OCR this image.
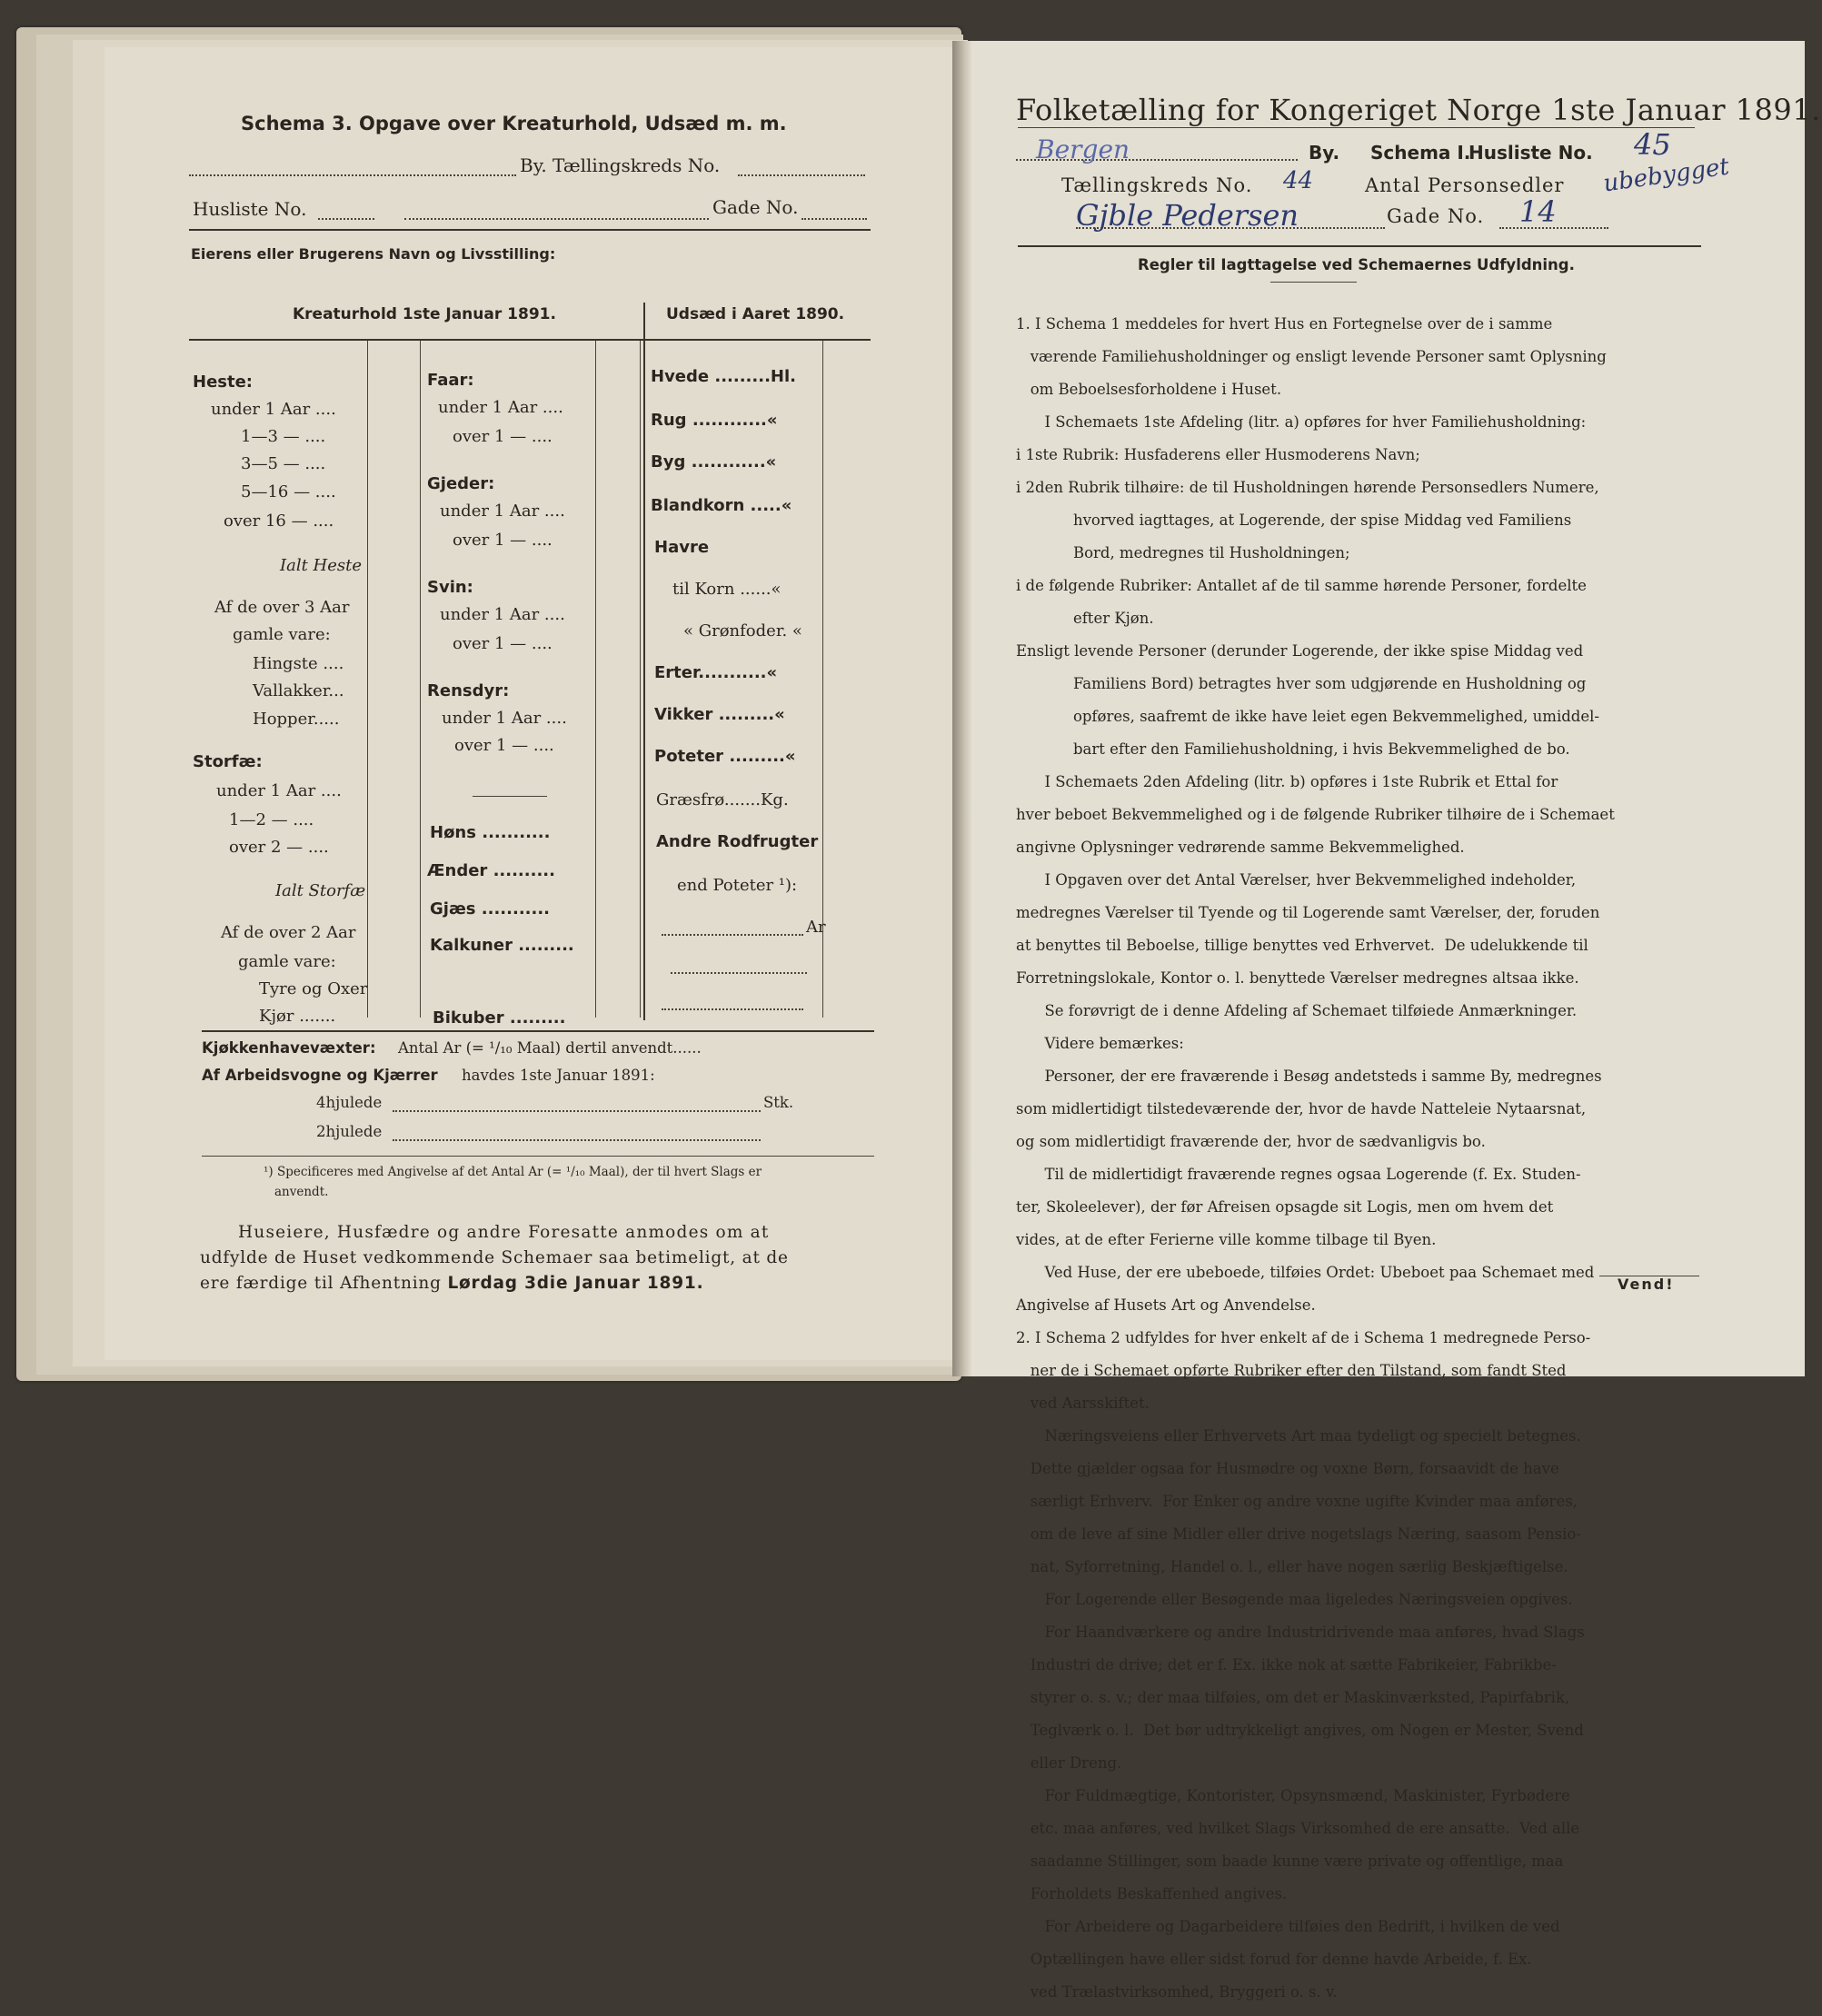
Schema 3. Opgave over Kreaturhold, Udsæd m. m.
By. Tællingskreds No.
Husliste No.	Gade No.
Eierens eller Brugerens Navn og Livsstilling:
Kreaturhold 1ste Januar 1891.	Udsæd i Aaret 1890.
Heste:
under 1 Aar ....
1—3 — ....
3—5 — ....
5—16 — ....
over 16 — ....
Ialt Heste
Af de over 3 Aar
gamle vare:
Hingste ....
Vallakker...
Hopper.....
Storfæ:
under 1 Aar ....
1—2 — ....
over 2 — ....
Ialt Storfæ
Af de over 2 Aar
gamle vare:
Tyre og Oxer
Kjør .......
Faar:
under 1 Aar ....
over 1 — ....
Gjeder:
under 1 Aar ....
over 1 — ....
Svin:
under 1 Aar ....
over 1 — ....
Rensdyr:
under 1 Aar ....
over 1 — ....
Høns ...........
Ænder ..........
Gjæs ...........
Kalkuner .........
Bikuber .........
Hvede .........Hl.
Rug ............«
Byg ............«
Blandkorn .....«
Havre
til Korn ......«
« Grønfoder. «
Erter...........«
Vikker .........«
Poteter .........«
Græsfrø.......Kg.
Andre Rodfrugter
end Poteter ¹):
Ar
Kjøkkenhavevæxter: Antal Ar (= ¹/₁₀ Maal) dertil anvendt......
Af Arbeidsvogne og Kjærrer havdes 1ste Januar 1891:
4hjulede	Stk.
2hjulede
¹) Specificeres med Angivelse af det Antal Ar (= ¹/₁₀ Maal), der til hvert Slags er
anvendt.
Huseiere, Husfædre og andre Foresatte anmodes om at
udfylde de Huset vedkommende Schemaer saa betimeligt, at de
ere færdige til Afhentning Lørdag 3die Januar 1891.
Folketælling for Kongeriget Norge 1ste Januar 1891.
Bergen	By. Schema I.
Husliste No. 45
Tællingskreds No. 44	Antal Personsedler ubebygget
Gjble Pedersen	Gade No. 14
Regler til Iagttagelse ved Schemaernes Udfyldning.

1. I Schema 1 meddeles for hvert Hus en Fortegnelse over de i samme

værende Familiehusholdninger og ensligt levende Personer samt Oplysning

om Beboelsesforholdene i Huset.

I Schemaets 1ste Afdeling (litr. a) opføres for hver Familiehusholdning:

i 1ste Rubrik: Husfaderens eller Husmoderens Navn;

i 2den Rubrik tilhøire: de til Husholdningen hørende Personsedlers Numere,

hvorved iagttages, at Logerende, der spise Middag ved Familiens

Bord, medregnes til Husholdningen;

i de følgende Rubriker: Antallet af de til samme hørende Personer, fordelte

efter Kjøn.

Ensligt levende Personer (derunder Logerende, der ikke spise Middag ved

Familiens Bord) betragtes hver som udgjørende en Husholdning og

opføres, saafremt de ikke have leiet egen Bekvemmelighed, umiddel-

bart efter den Familiehusholdning, i hvis Bekvemmelighed de bo.

I Schemaets 2den Afdeling (litr. b) opføres i 1ste Rubrik et Ettal for

hver beboet Bekvemmelighed og i de følgende Rubriker tilhøire de i Schemaet

angivne Oplysninger vedrørende samme Bekvemmelighed.

I Opgaven over det Antal Værelser, hver Bekvemmelighed indeholder,

medregnes Værelser til Tyende og til Logerende samt Værelser, der, foruden

at benyttes til Beboelse, tillige benyttes ved Erhvervet.  De udelukkende til

Forretningslokale, Kontor o. l. benyttede Værelser medregnes altsaa ikke.

Se forøvrigt de i denne Afdeling af Schemaet tilføiede Anmærkninger.

Videre bemærkes:

Personer, der ere fraværende i Besøg andetsteds i samme By, medregnes

som midlertidigt tilstedeværende der, hvor de havde Natteleie Nytaarsnat,

og som midlertidigt fraværende der, hvor de sædvanligvis bo.

Til de midlertidigt fraværende regnes ogsaa Logerende (f. Ex. Studen-

ter, Skoleelever), der før Afreisen opsagde sit Logis, men om hvem det

vides, at de efter Ferierne ville komme tilbage til Byen.

Ved Huse, der ere ubeboede, tilføies Ordet: Ubeboet paa Schemaet med

Angivelse af Husets Art og Anvendelse.

2. I Schema 2 udfyldes for hver enkelt af de i Schema 1 medregnede Perso-

ner de i Schemaet opførte Rubriker efter den Tilstand, som fandt Sted

ved Aarsskiftet.

Næringsveiens eller Erhvervets Art maa tydeligt og specielt betegnes.

Dette gjælder ogsaa for Husmødre og voxne Børn, forsaavidt de have

særligt Erhverv.  For Enker og andre voxne ugifte Kvinder maa anføres,

om de leve af sine Midler eller drive nogetslags Næring, saasom Pensio-

nat, Syforretning, Handel o. l., eller have nogen særlig Beskjæftigelse.

For Logerende eller Besøgende maa ligeledes Næringsveien opgives.

For Haandværkere og andre Industridrivende maa anføres, hvad Slags

Industri de drive; det er f. Ex. ikke nok at sætte Fabrikeier, Fabrikbe-

styrer o. s. v.; der maa tilføies, om det er Maskinværksted, Papirfabrik,

Teglværk o. l.  Det bør udtrykkeligt angives, om Nogen er Mester, Svend

eller Dreng.

For Fuldmægtige, Kontorister, Opsynsmænd, Maskinister, Fyrbødere

etc. maa anføres, ved hvilket Slags Virksomhed de ere ansatte.  Ved alle

saadanne Stillinger, som baade kunne være private og offentlige, maa

Forholdets Beskaffenhed angives.

For Arbeidere og Dagarbeidere tilføies den Bedrift, i hvilken de ved

Optællingen have eller sidst forud for denne havde Arbeide, f. Ex.

ved Trælastvirksomhed, Bryggeri o. s. v.

Vend!
